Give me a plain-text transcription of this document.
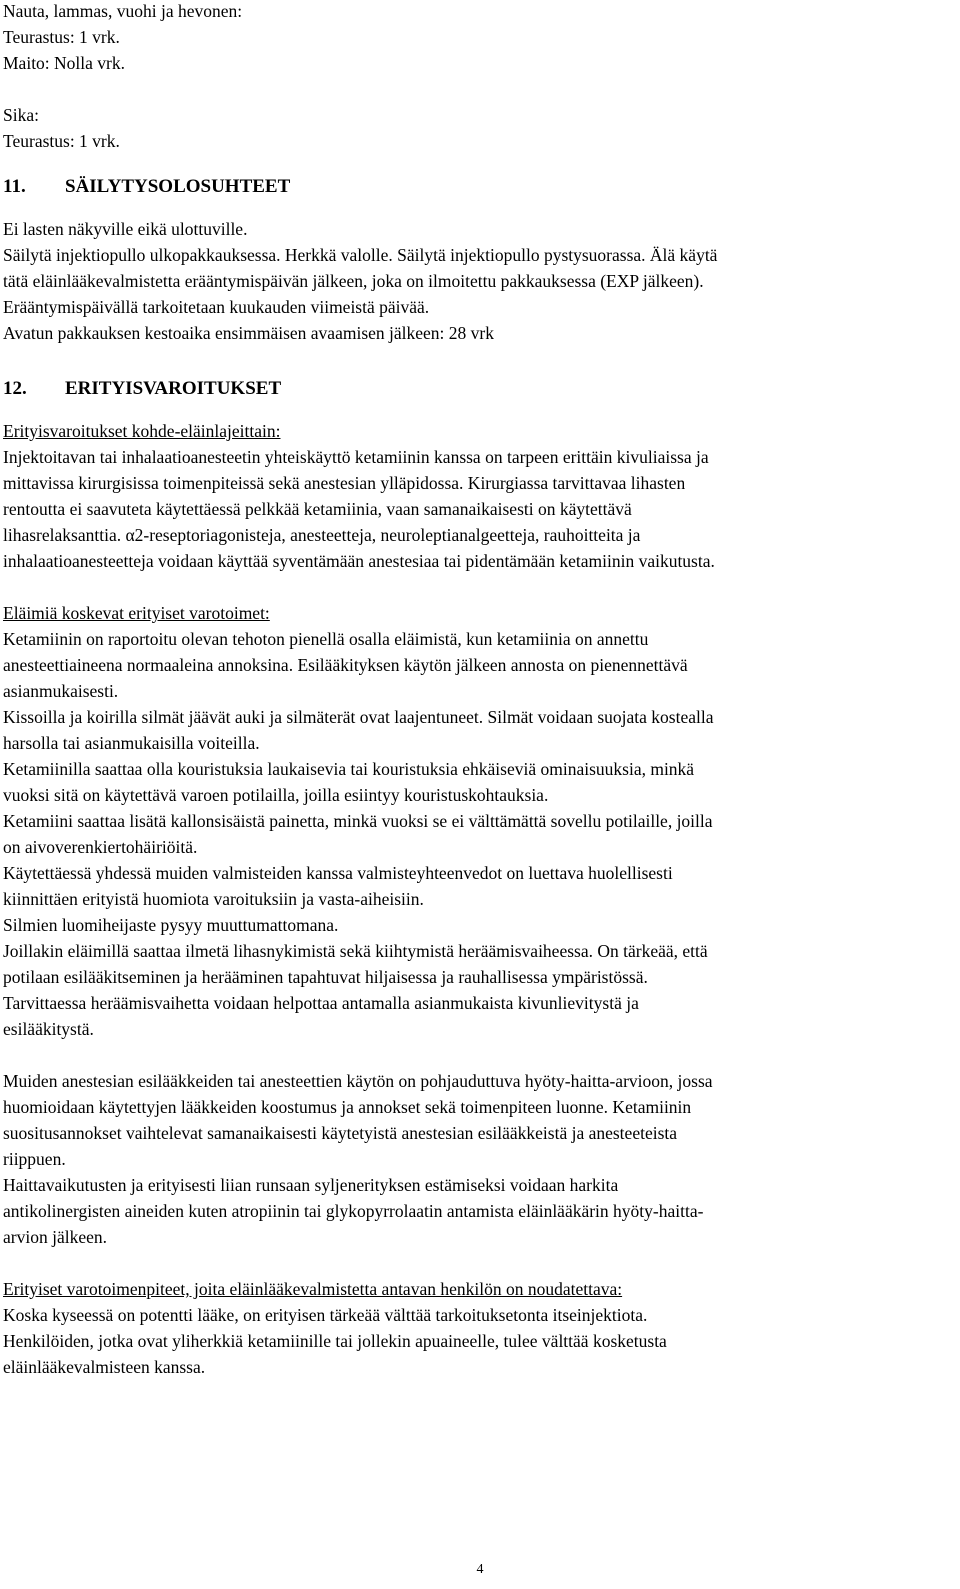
Nauta, lammas, vuohi ja hevonen:

Teurastus: 1 vrk.

Maito: Nolla vrk.

Sika:

Teurastus: 1 vrk.

11. SÄILYTYSOLOSUHTEET

Ei lasten näkyville eikä ulottuville.

Säilytä injektiopullo ulkopakkauksessa. Herkkä valolle. Säilytä injektiopullo pystysuorassa. Älä käytä

tätä eläinlääkevalmistetta erääntymispäivän jälkeen, joka on ilmoitettu pakkauksessa (EXP jälkeen).

Erääntymispäivällä tarkoitetaan kuukauden viimeistä päivää.

Avatun pakkauksen kestoaika ensimmäisen avaamisen jälkeen: 28 vrk

12. ERITYISVAROITUKSET

Erityisvaroitukset kohde-eläinlajeittain:

Injektoitavan tai inhalaatioanesteetin yhteiskäyttö ketamiinin kanssa on tarpeen erittäin kivuliaissa ja

mittavissa kirurgisissa toimenpiteissä sekä anestesian ylläpidossa. Kirurgiassa tarvittavaa lihasten

rentoutta ei saavuteta käytettäessä pelkkää ketamiinia, vaan samanaikaisesti on käytettävä

lihasrelaksanttia. α2-reseptoriagonisteja, anesteetteja, neuroleptianalgeetteja, rauhoitteita ja

inhalaatioanesteetteja voidaan käyttää syventämään anestesiaa tai pidentämään ketamiinin vaikutusta.

Eläimiä koskevat erityiset varotoimet:

Ketamiinin on raportoitu olevan tehoton pienellä osalla eläimistä, kun ketamiinia on annettu

anesteettiaineena normaaleina annoksina. Esilääkityksen käytön jälkeen annosta on pienennettävä

asianmukaisesti.

Kissoilla ja koirilla silmät jäävät auki ja silmäterät ovat laajentuneet. Silmät voidaan suojata kostealla

harsolla tai asianmukaisilla voiteilla.

Ketamiinilla saattaa olla kouristuksia laukaisevia tai kouristuksia ehkäiseviä ominaisuuksia, minkä

vuoksi sitä on käytettävä varoen potilailla, joilla esiintyy kouristuskohtauksia.

Ketamiini saattaa lisätä kallonsisäistä painetta, minkä vuoksi se ei välttämättä sovellu potilaille, joilla

on aivoverenkiertohäiriöitä.

Käytettäessä yhdessä muiden valmisteiden kanssa valmisteyhteenvedot on luettava huolellisesti

kiinnittäen erityistä huomiota varoituksiin ja vasta-aiheisiin.

Silmien luomiheijaste pysyy muuttumattomana.

Joillakin eläimillä saattaa ilmetä lihasnykimistä sekä kiihtymistä heräämisvaiheessa. On tärkeää, että

potilaan esilääkitseminen ja herääminen tapahtuvat hiljaisessa ja rauhallisessa ympäristössä.

Tarvittaessa heräämisvaihetta voidaan helpottaa antamalla asianmukaista kivunlievitystä ja

esilääkitystä.

Muiden anestesian esilääkkeiden tai anesteettien käytön on pohjauduttuva hyöty-haitta-arvioon, jossa

huomioidaan käytettyjen lääkkeiden koostumus ja annokset sekä toimenpiteen luonne. Ketamiinin

suositusannokset vaihtelevat samanaikaisesti käytetyistä anestesian esilääkkeistä ja anesteeteista

riippuen.

Haittavaikutusten ja erityisesti liian runsaan syljenerityksen estämiseksi voidaan harkita

antikolinergisten aineiden kuten atropiinin tai glykopyrrolaatin antamista eläinlääkärin hyöty-haitta-

arvion jälkeen.

Erityiset varotoimenpiteet, joita eläinlääkevalmistetta antavan henkilön on noudatettava:

Koska kyseessä on potentti lääke, on erityisen tärkeää välttää tarkoituksetonta itseinjektiota.

Henkilöiden, jotka ovat yliherkkiä ketamiinille tai jollekin apuaineelle, tulee välttää kosketusta

eläinlääkevalmisteen kanssa.

4
